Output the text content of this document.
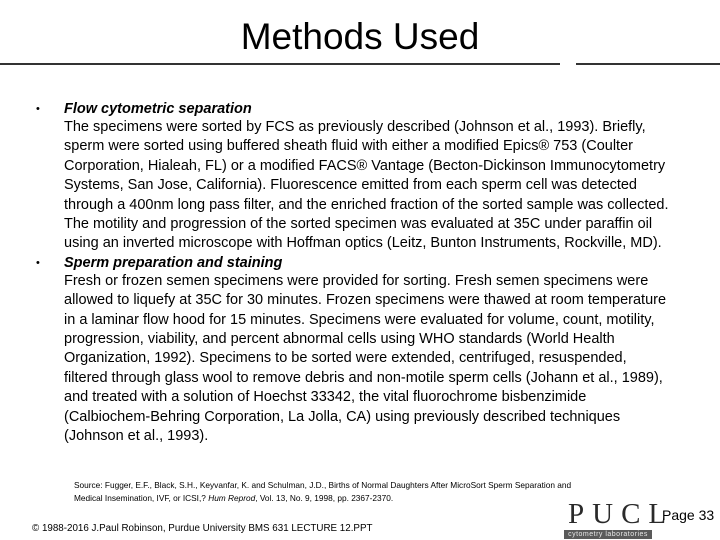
Methods Used
• Flow cytometric separation
The specimens were sorted by FCS as previously described (Johnson et al., 1993). Briefly, sperm were sorted using buffered sheath fluid with either a modified Epics® 753 (Coulter Corporation, Hialeah, FL) or a modified FACS® Vantage (Becton-Dickinson Immunocytometry Systems, San Jose, California). Fluorescence emitted from each sperm cell was detected through a 400nm long pass filter, and the enriched fraction of the sorted sample was collected. The motility and progression of the sorted specimen was evaluated at 35C under paraffin oil using an inverted microscope with Hoffman optics (Leitz, Bunton Instruments, Rockville, MD).
• Sperm preparation and staining
Fresh or frozen semen specimens were provided for sorting. Fresh semen specimens were allowed to liquefy at 35C for 30 minutes. Frozen specimens were thawed at room temperature in a laminar flow hood for 15 minutes. Specimens were evaluated for volume, count, motility, progression, viability, and percent abnormal cells using WHO standards (World Health Organization, 1992). Specimens to be sorted were extended, centrifuged, resuspended, filtered through glass wool to remove debris and non-motile sperm cells (Johann et al., 1989), and treated with a solution of Hoechst 33342, the vital fluorochrome bisbenzimide (Calbiochem-Behring Corporation, La Jolla, CA) using previously described techniques (Johnson et al., 1993).
Source: Fugger, E.F., Black, S.H., Keyvanfar, K. and Schulman, J.D., Births of Normal Daughters After MicroSort Sperm Separation and Medical Insemination, IVF, or ICSI,? Hum Reprod, Vol. 13, No. 9, 1998, pp. 2367-2370.
© 1988-2016 J.Paul Robinson, Purdue University BMS 631 LECTURE 12.PPT	PUCL
cytometry laboratories
Page 33
